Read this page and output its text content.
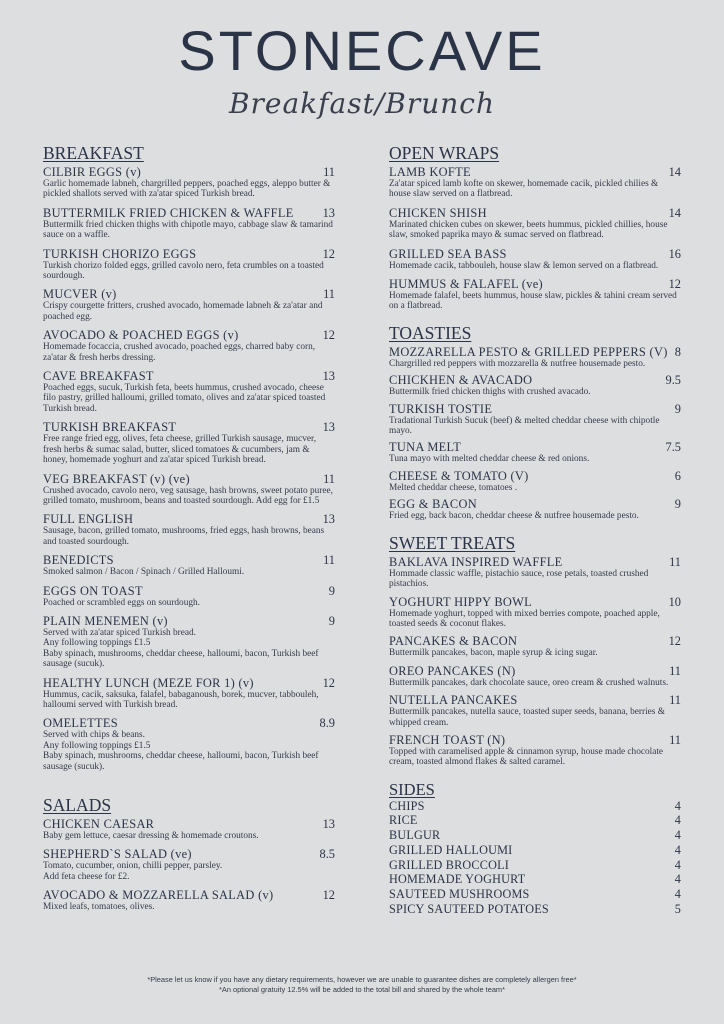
STONECAVE
Breakfast/Brunch
BREAKFAST
CILBIR EGGS (v)	11
Garlic homemade labneh, chargrilled peppers, poached eggs, aleppo butter & pickled shallots served with za'atar spiced Turkish bread.
BUTTERMILK FRIED CHICKEN & WAFFLE 13
Buttermilk fried chicken thighs with chipotle mayo, cabbage slaw & tamarind sauce on a waffle.
TURKISH CHORIZO EGGS	12
Turkish chorizo folded eggs, grilled cavolo nero, feta crumbles on a toasted sourdough.
MUCVER (v)	11
Crispy courgette fritters, crushed avocado, homemade labneh & za'atar and poached egg.
AVOCADO & POACHED EGGS (v)	12
Homemade focaccia, crushed avocado, poached eggs, charred baby corn, za'atar & fresh herbs dressing.
CAVE BREAKFAST	13
Poached eggs, sucuk, Turkish feta, beets hummus, crushed avocado, cheese filo pastry, grilled halloumi, grilled tomato, olives and za'atar spiced toasted Turkish bread.
TURKISH BREAKFAST	13
Free range fried egg, olives, feta cheese, grilled Turkish sausage, mucver, fresh herbs & sumac salad, butter, sliced tomatoes & cucumbers, jam & honey, homemade yoghurt and za'atar spiced Turkish bread.
VEG BREAKFAST (v) (ve)	11
Crushed avocado, cavolo nero, veg sausage, hash browns, sweet potato puree, grilled tomato, mushroom, beans and toasted sourdough. Add egg for £1.5
FULL ENGLISH	13
Sausage, bacon, grilled tomato, mushrooms, fried eggs, hash browns, beans and toasted sourdough.
BENEDICTS	11
Smoked salmon / Bacon / Spinach / Grilled Halloumi.
EGGS ON TOAST	9
Poached or scrambled eggs on sourdough.
PLAIN MENEMEN (v)	9
Served with za'atar spiced Turkish bread.
Any following toppings £1.5
Baby spinach, mushrooms, cheddar cheese, halloumi, bacon, Turkish beef sausage (sucuk).
HEALTHY LUNCH (MEZE FOR 1) (v)	12
Hummus, cacik, saksuka, falafel, babaganoush, borek, mucver, tabbouleh, halloumi served with Turkish bread.
OMELETTES	8.9
Served with chips & beans.
Any following toppings £1.5
Baby spinach, mushrooms, cheddar cheese, halloumi, bacon, Turkish beef sausage (sucuk).
SALADS
CHICKEN CAESAR	13
Baby gem lettuce, caesar dressing & homemade croutons.
SHEPHERD`S SALAD (ve)	8.5
Tomato, cucumber, onion, chilli pepper, parsley.
Add feta cheese for £2.
AVOCADO & MOZZARELLA SALAD (v)	12
Mixed leafs, tomatoes, olives.
OPEN WRAPS
LAMB KOFTE	14
Za'atar spiced lamb kofte on skewer, homemade cacik, pickled chilies & house slaw served on a flatbread.
CHICKEN SHISH	14
Marinated chicken cubes on skewer, beets hummus, pickled chillies, house slaw, smoked paprika mayo & sumac served on flatbread.
GRILLED SEA BASS	16
Homemade cacik, tabbouleh, house slaw & lemon served on a flatbread.
HUMMUS & FALAFEL (ve)	12
Homemade falafel, beets hummus, house slaw, pickles & tahini cream served on a flatbread.
TOASTIES
MOZZARELLA PESTO & GRILLED PEPPERS (V) 8
Chargrilled red peppers with mozzarella & nutfree housemade pesto.
CHICKHEN & AVACADO	9.5
Buttermilk fried chicken thighs with crushed avacado.
TURKISH TOSTIE	9
Tradational Turkish Sucuk (beef) & melted cheddar cheese with chipotle mayo.
TUNA MELT	7.5
Tuna mayo with melted cheddar cheese & red onions.
CHEESE & TOMATO (V)	6
Melted cheddar cheese, tomatoes .
EGG & BACON	9
Fried egg, back bacon, cheddar cheese & nutfree housemade pesto.
SWEET TREATS
BAKLAVA INSPIRED WAFFLE	11
Hommade classic waffle, pistachio sauce, rose petals, toasted crushed pistachios.
YOGHURT HIPPY BOWL	10
Homemade yoghurt, topped with mixed berries compote, poached apple, toasted seeds & coconut flakes.
PANCAKES & BACON	12
Buttermilk pancakes, bacon, maple syrup & icing sugar.
OREO PANCAKES (N)	11
Buttermilk pancakes, dark chocolate sauce, oreo cream & crushed walnuts.
NUTELLA PANCAKES	11
Buttermilk pancakes, nutella sauce, toasted super seeds, banana, berries & whipped cream.
FRENCH TOAST (N)	11
Topped with caramelised apple & cinnamon syrup, house made chocolate cream, toasted almond flakes & salted caramel.
SIDES
CHIPS	4
RICE	4
BULGUR	4
GRILLED HALLOUMI	4
GRILLED BROCCOLI	4
HOMEMADE YOGHURT	4
SAUTEED MUSHROOMS	4
SPICY SAUTEED POTATOES	5
*Please let us know if you have any dietary requirements, however we are unable to guarantee dishes are completely allergen free*
*An optional gratuity 12.5% will be added to the total bill and shared by the whole team*
